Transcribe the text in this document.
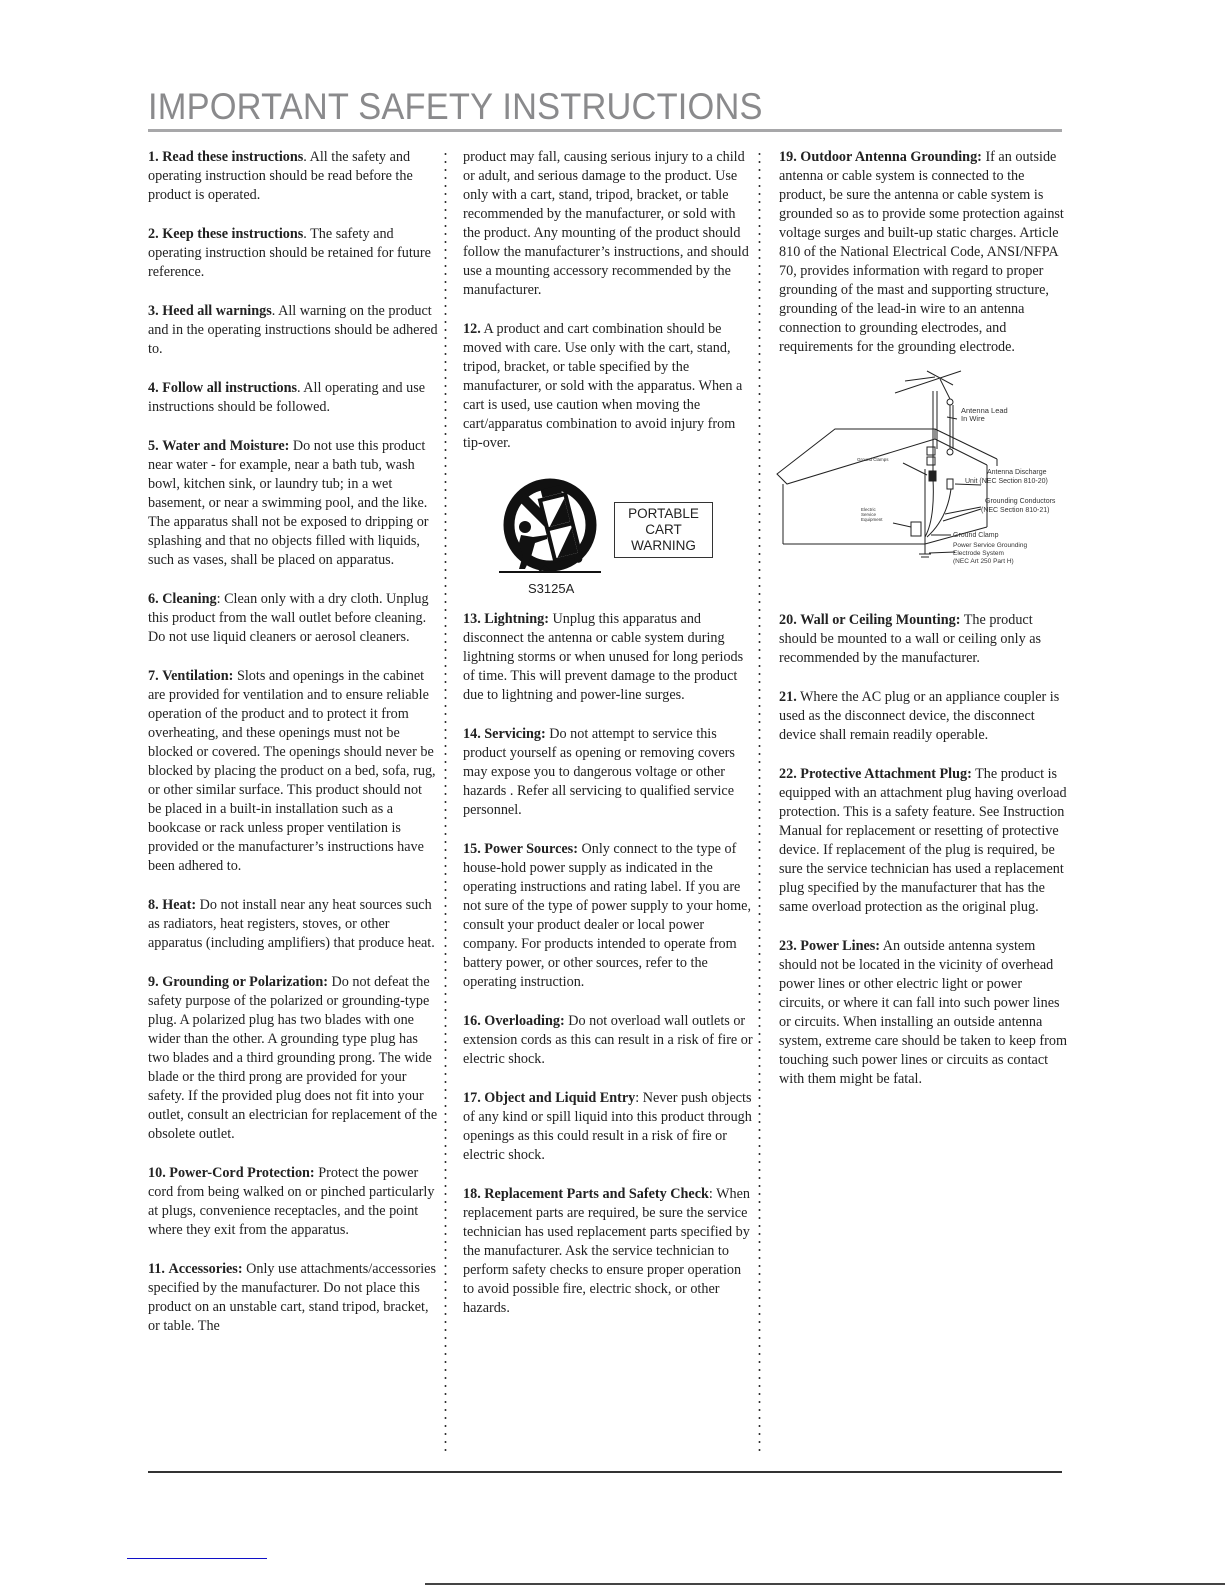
IMPORTANT SAFETY INSTRUCTIONS

1. Read these instructions. All the safety and operating instruction should be read before the product is operated.

2. Keep these instructions. The safety and operating instruction should be retained for future reference.

3. Heed all warnings. All warning on the product and in the operating instructions should be adhered to.

4. Follow all instructions. All operating and use instructions should be followed.

5. Water and Moisture: Do not use this product near water - for example, near a bath tub, wash bowl, kitchen sink, or laundry tub; in a wet basement, or near a swimming pool, and the like. The apparatus shall not be exposed to dripping or splashing and that no objects filled with liquids, such as vases, shall be placed on apparatus.

6. Cleaning: Clean only with a dry cloth. Unplug this product from the wall outlet before cleaning. Do not use liquid cleaners or aerosol cleaners.

7. Ventilation: Slots and openings in the cabinet are provided for ventilation and to ensure reliable operation of the product and to protect it from overheating, and these openings must not be blocked or covered. The openings should never be blocked by placing the product on a bed, sofa, rug, or other similar surface. This product should not be placed in a built-in installation such as a bookcase or rack unless proper ventilation is provided or the manufacturer’s instructions have been adhered to.

8. Heat: Do not install near any heat sources such as radiators, heat registers, stoves, or other apparatus (including amplifiers) that produce heat.

9. Grounding or Polarization: Do not defeat the safety purpose of the polarized or grounding-type plug. A polarized plug has two blades with one wider than the other. A grounding type plug has two blades and a third grounding prong. The wide blade or the third prong are provided for your safety. If the provided plug does not fit into your outlet, consult an electrician for replacement of the obsolete outlet.

10. Power-Cord Protection: Protect the power cord from being walked on or pinched particularly at plugs, convenience receptacles, and the point where they exit from the apparatus.

11. Accessories: Only use attachments/accessories specified by the manufacturer. Do not place this product on an unstable cart, stand tripod, bracket, or table. The

product may fall, causing serious injury to a child or adult, and serious damage to the product. Use only with a cart, stand, tripod, bracket, or table recommended by the manufacturer, or sold with the product. Any mounting of the product should follow the manufacturer’s instructions, and should use a mounting accessory recommended by the manufacturer.

12. A product and cart combination should be moved with care. Use only with the cart, stand, tripod, bracket, or table specified by the manufacturer, or sold with the apparatus. When a cart is used, use caution when moving the cart/apparatus combination to avoid injury from tip-over.

PORTABLE
CART
WARNING
S3125A

13. Lightning: Unplug this apparatus and disconnect the antenna or cable system during lightning storms or when unused for long periods of time. This will prevent damage to the product due to lightning and power-line surges.

14. Servicing: Do not attempt to service this product yourself as opening or removing covers may expose you to dangerous voltage or other hazards . Refer all servicing to qualified service personnel.

15. Power Sources: Only connect to the type of house-hold power supply as indicated in the operating instructions and rating label. If you are not sure of the type of power supply to your home, consult your product dealer or local power company. For products intended to operate from battery power, or other sources, refer to the operating instruction.

16. Overloading: Do not overload wall outlets or extension cords as this can result in a risk of fire or electric shock.

17. Object and Liquid Entry: Never push objects of any kind or spill liquid into this product through openings as this could result in a risk of fire or electric shock.

18. Replacement Parts and Safety Check: When replacement parts are required, be sure the service technician has used replacement parts specified by the manufacturer. Ask the service technician to perform safety checks to ensure proper operation to avoid possible fire, electric shock, or other hazards.

19. Outdoor Antenna Grounding: If an outside antenna or cable system is connected to the product, be sure the antenna or cable system is grounded so as to provide some protection against voltage surges and built-up static charges. Article 810 of the National Electrical Code, ANSI/NFPA 70, provides information with regard to proper grounding of the mast and supporting structure, grounding of the lead-in wire to an antenna connection to grounding electrodes, and requirements for the grounding electrode.

Antenna Lead
In Wire
Ground Clamps
Antenna Discharge
Unit (NEC Section 810-20)
Grounding Conductors
(NEC Section 810-21)
Electric
Service
Equipment
Ground Clamp
Power Service Grounding
Electrode System
(NEC Art 250 Part H)

20. Wall or Ceiling Mounting: The product should be mounted to a wall or ceiling only as recommended by the manufacturer.

21. Where the AC plug or an appliance coupler is used as the disconnect device, the disconnect device shall remain readily operable.

22. Protective Attachment Plug: The product is equipped with an attachment plug having overload protection. This is a safety feature. See Instruction Manual for replacement or resetting of protective device. If replacement of the plug is required, be sure the service technician has used a replacement plug specified by the manufacturer that has the same overload protection as the original plug.

23. Power Lines: An outside antenna system should not be located in the vicinity of overhead power lines or other electric light or power circuits, or where it can fall into such power lines or circuits. When installing an outside antenna system, extreme care should be taken to keep from touching such power lines or circuits as contact with them might be fatal.
